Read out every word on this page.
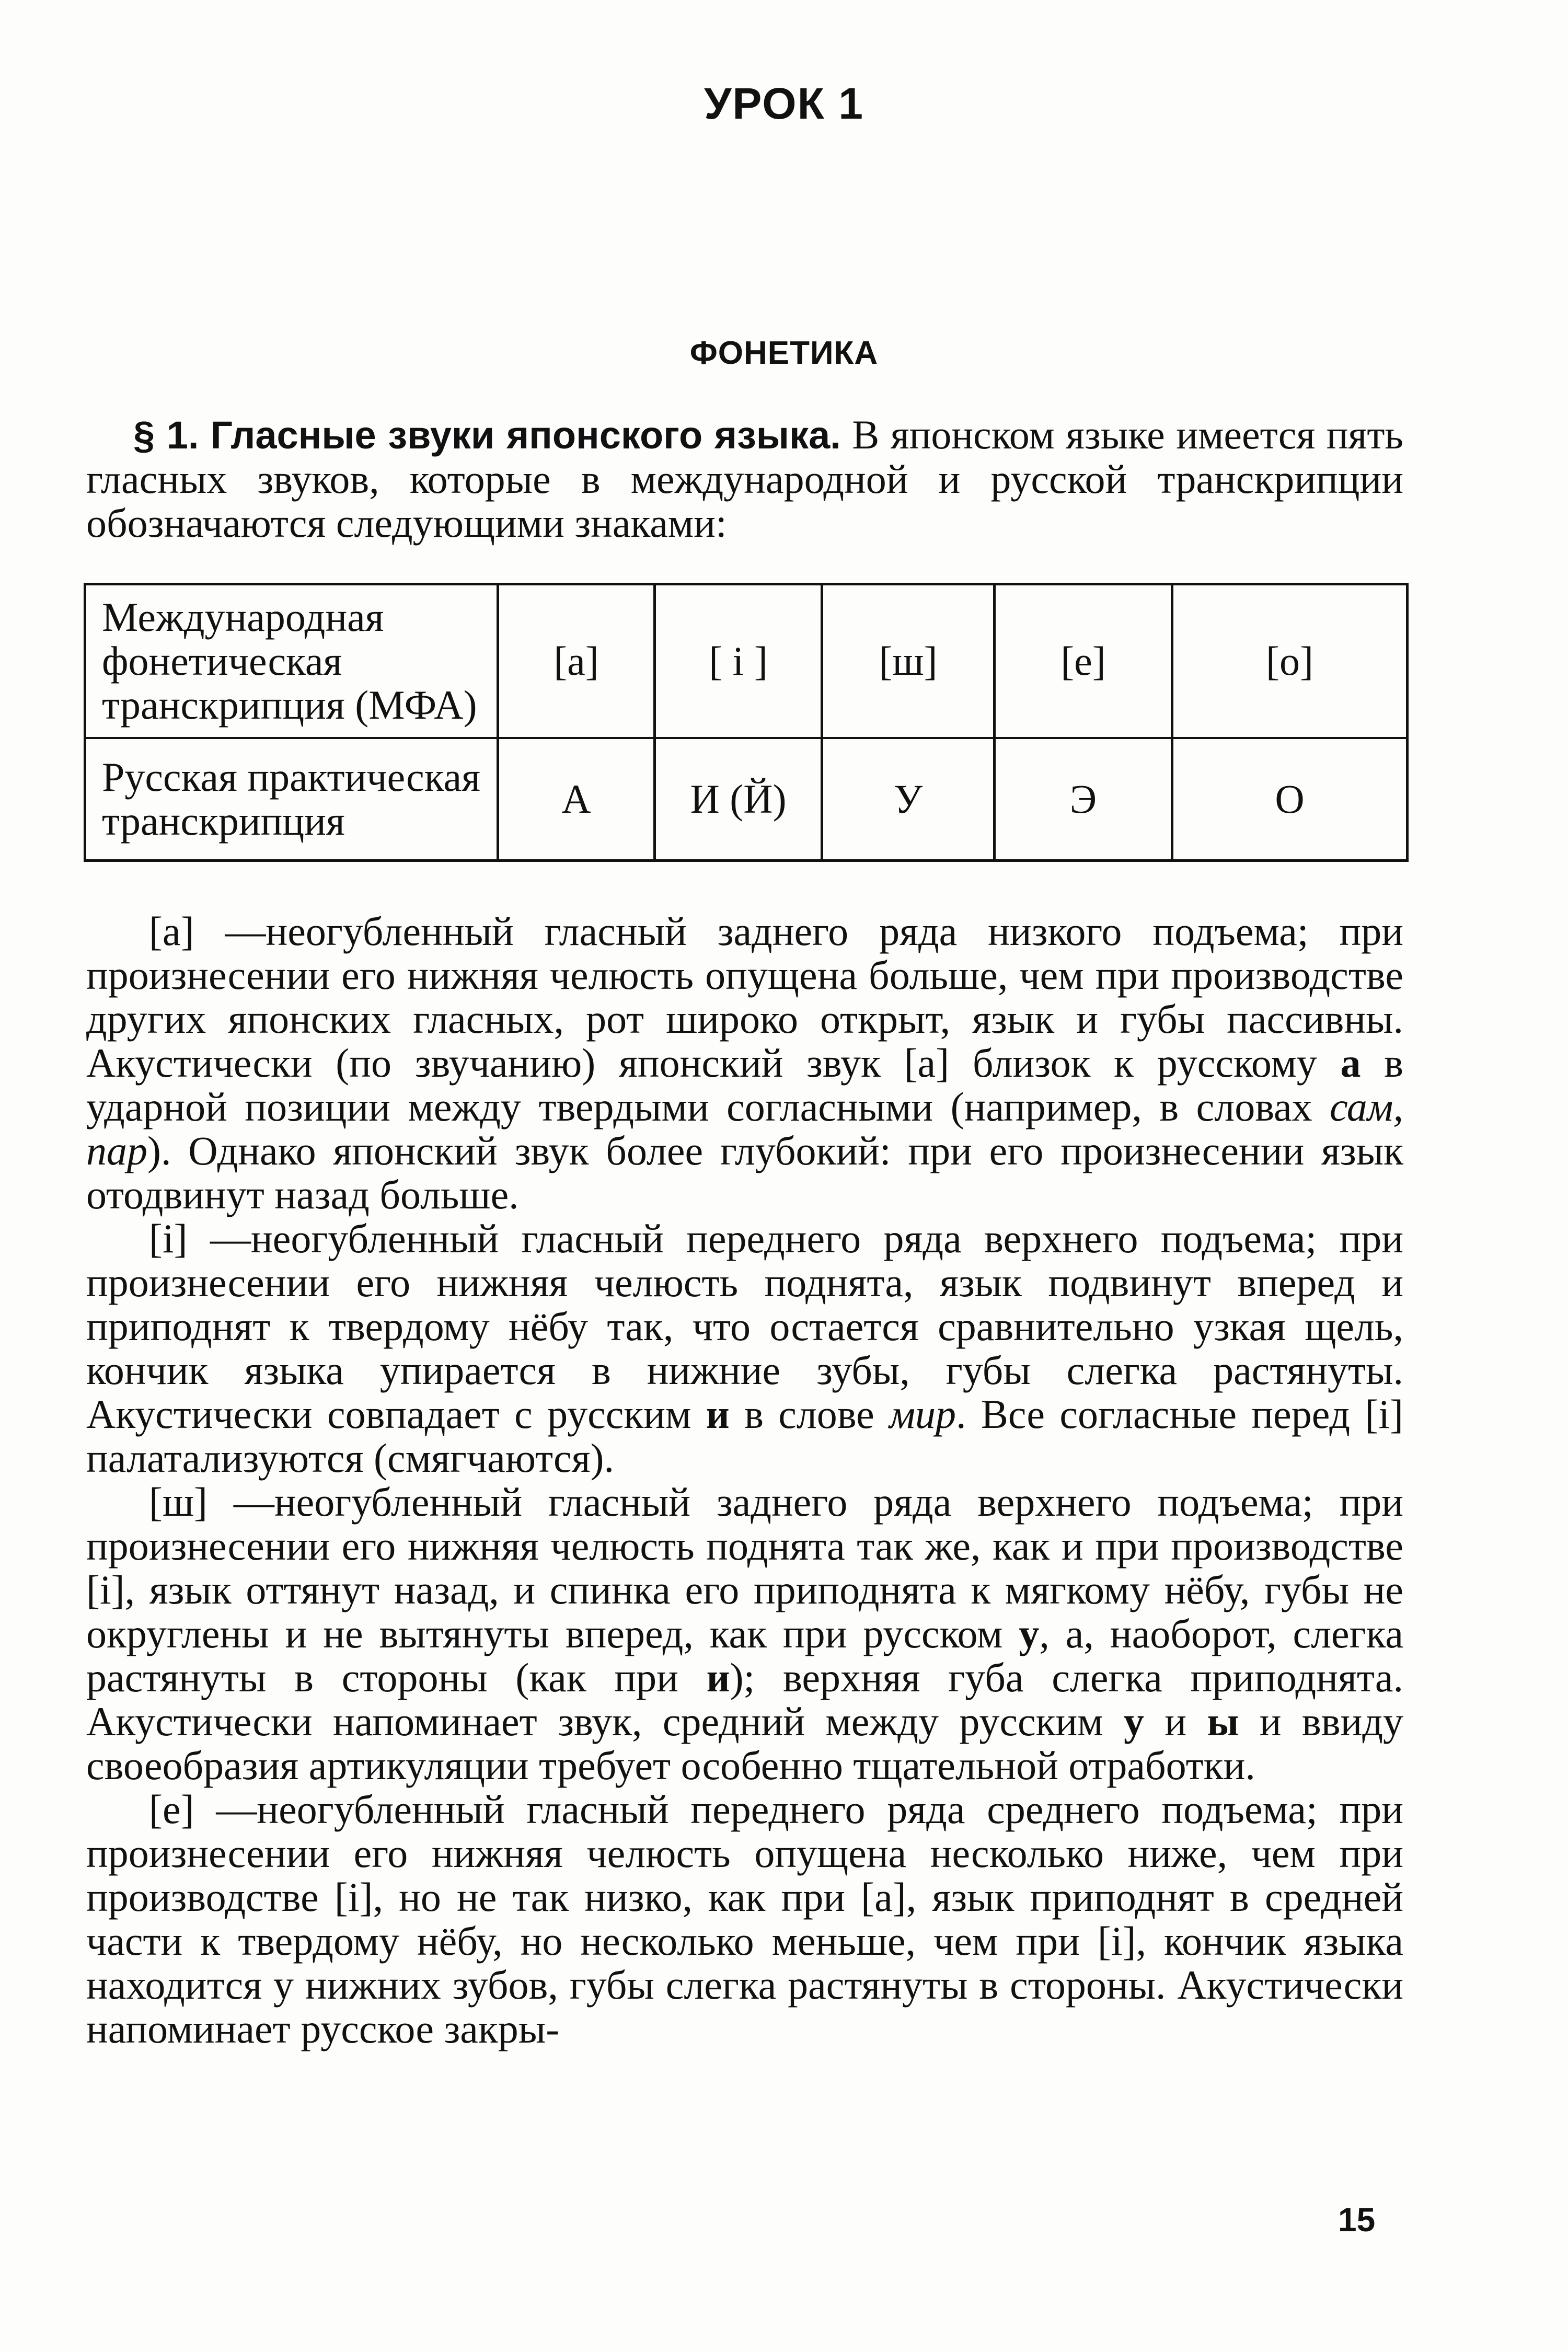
УРОК 1
ФОНЕТИКА

§ 1. Гласные звуки японского языка. В японском языке имеется пять гласных звуков, которые в международной и русской транскрипции обозначаются следующими знаками:

Международная фонетическая транскрипция (МФА)	[a]	[ i ]	[ш]	[e]	[o]
Русская практическая транскрипция	А	И (Й)	У	Э	О

[a] —неогубленный гласный заднего ряда низкого подъема; при произнесении его нижняя челюсть опущена больше, чем при производстве других японских гласных, рот широко открыт, язык и губы пассивны. Акустически (по звучанию) японский звук [a] близок к русскому а в ударной позиции между твердыми согласными (например, в словах сам, пар). Однако японский звук более глубокий: при его произнесении язык отодвинут назад больше.

[i] —неогубленный гласный переднего ряда верхнего подъема; при произнесении его нижняя челюсть поднята, язык подвинут вперед и приподнят к твердому нёбу так, что остается сравнительно узкая щель, кончик языка упирается в нижние зубы, губы слегка растянуты. Акустически совпадает с русским и в слове мир. Все согласные перед [i] палатализуются (смягчаются).

[ш] —неогубленный гласный заднего ряда верхнего подъема; при произнесении его нижняя челюсть поднята так же, как и при производстве [i], язык оттянут назад, и спинка его приподнята к мягкому нёбу, губы не округлены и не вытянуты вперед, как при русском у, а, наоборот, слегка растянуты в стороны (как при и); верхняя губа слегка приподнята. Акустически напоминает звук, средний между русским у и ы и ввиду своеобразия артикуляции требует особенно тщательной отработки.

[e] —неогубленный гласный переднего ряда среднего подъема; при произнесении его нижняя челюсть опущена несколько ниже, чем при производстве [i], но не так низко, как при [a], язык приподнят в средней части к твердому нёбу, но несколько меньше, чем при [i], кончик языка находится у нижних зубов, губы слегка растянуты в стороны. Акустически напоминает русское закры-

15
